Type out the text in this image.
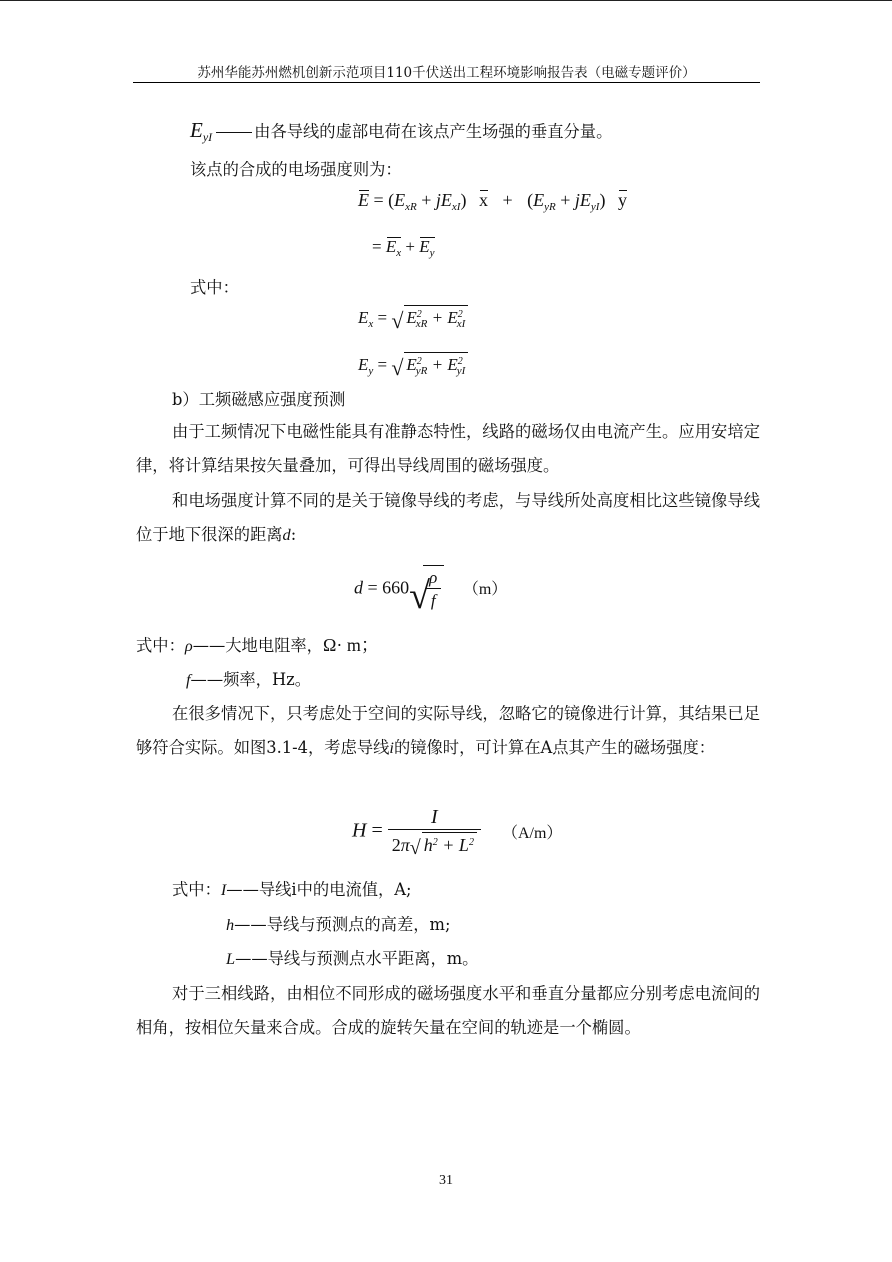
苏州华能苏州燃机创新示范项目110千伏送出工程环境影响报告表（电磁专题评价）
$E_{yI}$	由各导线的虚部电荷在该点产生场强的垂直分量。
该点的合成的电场强度则为：
$E = (E_{xR} + jE_{xI}) x + (E_{yR} + jE_{yI})$ y
= $E_x + E_y$
式中：
$E_x$ = √ $E^2_{xR} + E^2_{xI}$
$E_y$ = √ $E^2_{yR} + E^2_{yI}$
b）工频磁感应强度预测

由于工频情况下电磁性能具有准静态特性，线路的磁场仅由电流产生。应用安培定律，将计算结果按矢量叠加，可得出导线周围的磁场强度。

和电场强度计算不同的是关于镜像导线的考虑，与导线所处高度相比这些镜像导线位于地下很深的距离d:

d = 660 √
$\frac{\rho}{f} (m)$
式中：ρ——大地电阻率，Ω· m；
f——频率，Hz。

在很多情况下，只考虑处于空间的实际导线，忽略它的镜像进行计算，其结果已足够符合实际。如图3.1-4，考虑导线i的镜像时，可计算在A点其产生的磁场强度：

$H = \frac{I}{2\pi √ h^2 + L^2} (A/m)$
式中：I——导线i中的电流值，A;
h——导线与预测点的高差，m;
L——导线与预测点水平距离，m。

对于三相线路，由相位不同形成的磁场强度水平和垂直分量都应分别考虑电流间的相角，按相位矢量来合成。合成的旋转矢量在空间的轨迹是一个椭圆。

31
